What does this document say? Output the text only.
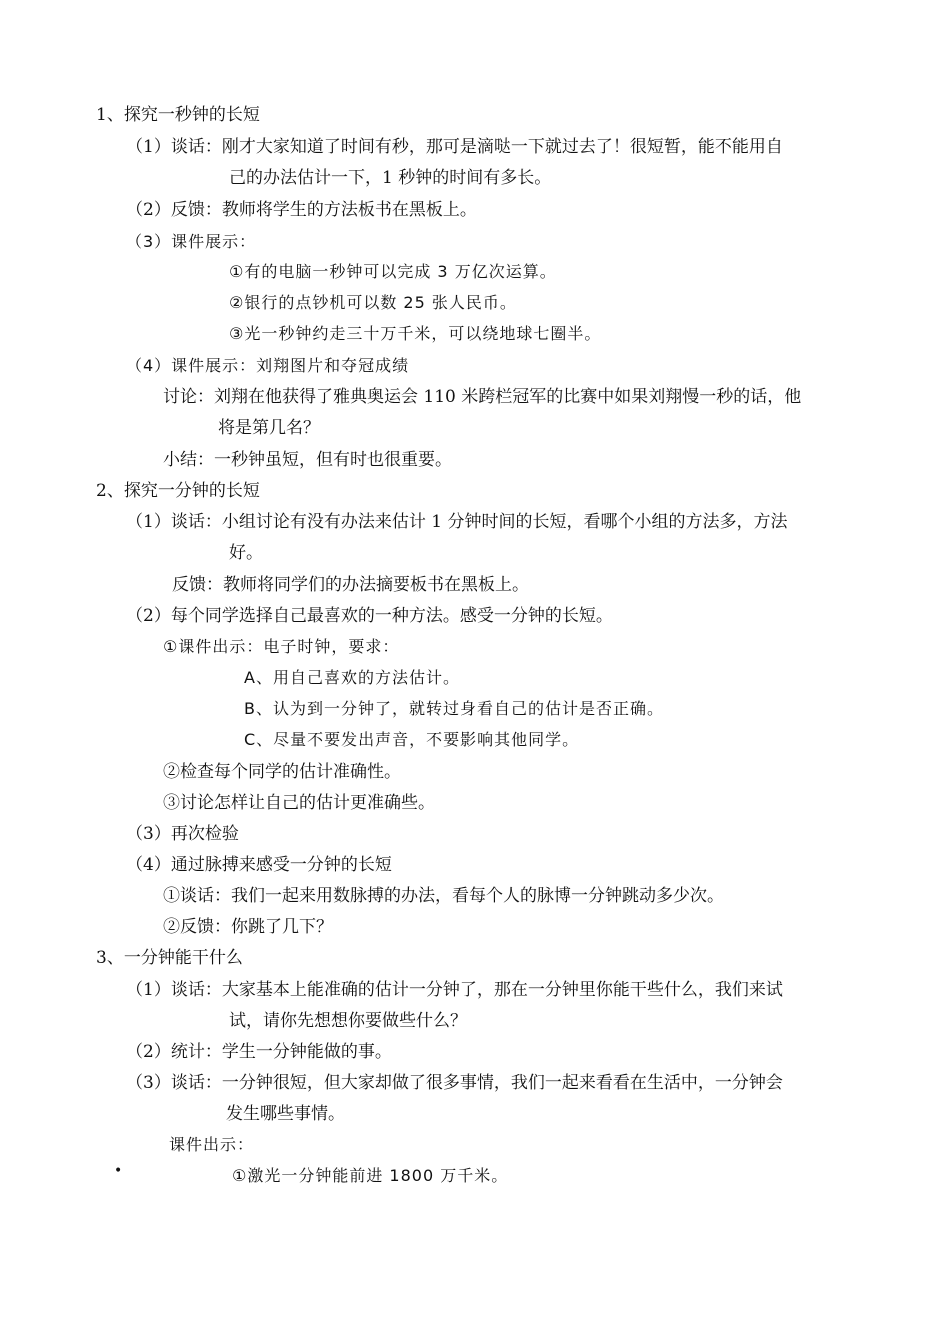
1、探究一秒钟的长短
（1）谈话：刚才大家知道了时间有秒，那可是滴哒一下就过去了！很短暂，能不能用自
己的办法估计一下，1 秒钟的时间有多长。
（2）反馈：教师将学生的方法板书在黑板上。
（3）课件展示：
①有的电脑一秒钟可以完成 3 万亿次运算。
②银行的点钞机可以数 25 张人民币。
③光一秒钟约走三十万千米，可以绕地球七圈半。
（4）课件展示：刘翔图片和夺冠成绩
讨论：刘翔在他获得了雅典奥运会 110 米跨栏冠军的比赛中如果刘翔慢一秒的话，他
将是第几名？
小结：一秒钟虽短，但有时也很重要。
2、探究一分钟的长短
（1）谈话：小组讨论有没有办法来估计 1 分钟时间的长短，看哪个小组的方法多，方法
好。
反馈：教师将同学们的办法摘要板书在黑板上。
（2）每个同学选择自己最喜欢的一种方法。感受一分钟的长短。
①课件出示：电子时钟，要求：
A、用自己喜欢的方法估计。
B、认为到一分钟了，就转过身看自己的估计是否正确。
C、尽量不要发出声音，不要影响其他同学。
②检查每个同学的估计准确性。
③讨论怎样让自己的估计更准确些。
（3）再次检验
（4）通过脉搏来感受一分钟的长短
①谈话：我们一起来用数脉搏的办法，看每个人的脉博一分钟跳动多少次。
②反馈：你跳了几下？
3、一分钟能干什么
（1）谈话：大家基本上能准确的估计一分钟了，那在一分钟里你能干些什么，我们来试
试，请你先想想你要做些什么？
（2）统计：学生一分钟能做的事。
（3）谈话：一分钟很短，但大家却做了很多事情，我们一起来看看在生活中，一分钟会
发生哪些事情。
课件出示：
•	①激光一分钟能前进 1800 万千米。
